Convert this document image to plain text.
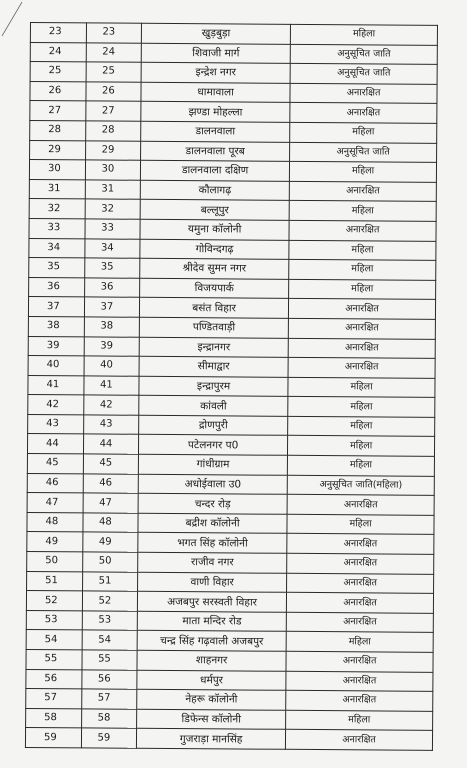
23	23	खुड़बुड़ा	महिला
24	24	शिवाजी मार्ग	अनुसूचित जाति
25	25	इन्द्रेश नगर	अनुसूचित जाति
26	26	धामावाला	अनारक्षित
27	27	झण्डा मोहल्ला	अनारक्षित
28	28	डालनवाला	महिला
29	29	डालनवाला पूरब	अनुसूचित जाति
30	30	डालनवाला दक्षिण	महिला
31	31	कौलागढ़	अनारक्षित
32	32	बल्लूपुर	महिला
33	33	यमुना कॉलोनी	अनारक्षित
34	34	गोविन्दगढ़	महिला
35	35	श्रीदेव सुमन नगर	महिला
36	36	विजयपार्क	महिला
37	37	बसंत विहार	अनारक्षित
38	38	पण्डितवाड़ी	अनारक्षित
39	39	इन्द्रानगर	अनारक्षित
40	40	सीमाद्वार	अनारक्षित
41	41	इन्द्रापुरम	महिला
42	42	कांवली	महिला
43	43	द्रोणपुरी	महिला
44	44	पटेलनगर प0	महिला
45	45	गांधीग्राम	महिला
46	46	अधोईवाला उ0	अनुसूचित जाति(महिला)
47	47	चन्दर रोड़	अनारक्षित
48	48	बद्रीश कॉलोनी	महिला
49	49	भगत सिंह कॉलोनी	अनारक्षित
50	50	राजीव नगर	अनारक्षित
51	51	वाणी विहार	अनारक्षित
52	52	अजबपुर सरस्वती विहार	अनारक्षित
53	53	माता मन्दिर रोड	अनारक्षित
54	54	चन्द्र सिंह गढ़वाली अजबपुर	महिला
55	55	शाहनगर	अनारक्षित
56	56	धर्मपुर	अनारक्षित
57	57	नेहरू कॉलोनी	अनारक्षित
58	58	डिफेन्स कॉलोनी	महिला
59	59	गुजराड़ा मानसिंह	अनारक्षित
